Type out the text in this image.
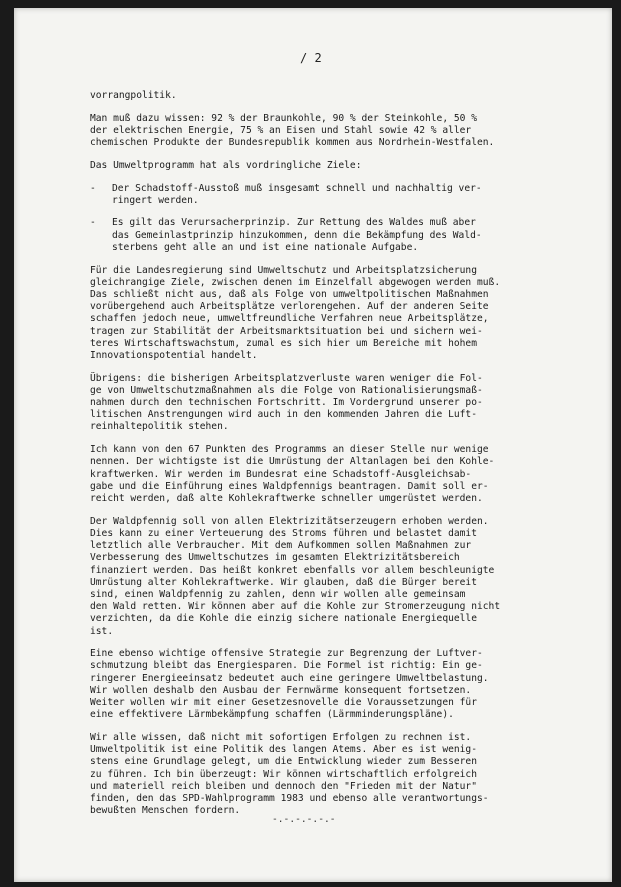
/ 2

vorrangpolitik.

Man muß dazu wissen: 92 % der Braunkohle, 90 % der Steinkohle, 50 %
der elektrischen Energie, 75 % an Eisen und Stahl sowie 42 % aller
chemischen Produkte der Bundesrepublik kommen aus Nordrhein-Westfalen.

Das Umweltprogramm hat als vordringliche Ziele:

-	Der Schadstoff-Ausstoß muß insgesamt schnell und nachhaltig ver-
ringert werden.
-	Es gilt das Verursacherprinzip. Zur Rettung des Waldes muß aber
das Gemeinlastprinzip hinzukommen, denn die Bekämpfung des Wald-
sterbens geht alle an und ist eine nationale Aufgabe.

Für die Landesregierung sind Umweltschutz und Arbeitsplatzsicherung
gleichrangige Ziele, zwischen denen im Einzelfall abgewogen werden muß.
Das schließt nicht aus, daß als Folge von umweltpolitischen Maßnahmen
vorübergehend auch Arbeitsplätze verlorengehen. Auf der anderen Seite
schaffen jedoch neue, umweltfreundliche Verfahren neue Arbeitsplätze,
tragen zur Stabilität der Arbeitsmarktsituation bei und sichern wei-
teres Wirtschaftswachstum, zumal es sich hier um Bereiche mit hohem
Innovationspotential handelt.

Übrigens: die bisherigen Arbeitsplatzverluste waren weniger die Fol-
ge von Umweltschutzmaßnahmen als die Folge von Rationalisierungsmaß-
nahmen durch den technischen Fortschritt. Im Vordergrund unserer po-
litischen Anstrengungen wird auch in den kommenden Jahren die Luft-
reinhaltepolitik stehen.

Ich kann von den 67 Punkten des Programms an dieser Stelle nur wenige
nennen. Der wichtigste ist die Umrüstung der Altanlagen bei den Kohle-
kraftwerken. Wir werden im Bundesrat eine Schadstoff-Ausgleichsab-
gabe und die Einführung eines Waldpfennigs beantragen. Damit soll er-
reicht werden, daß alte Kohlekraftwerke schneller umgerüstet werden.

Der Waldpfennig soll von allen Elektrizitätserzeugern erhoben werden.
Dies kann zu einer Verteuerung des Stroms führen und belastet damit
letztlich alle Verbraucher. Mit dem Aufkommen sollen Maßnahmen zur
Verbesserung des Umweltschutzes im gesamten Elektrizitätsbereich
finanziert werden. Das heißt konkret ebenfalls vor allem beschleunigte
Umrüstung alter Kohlekraftwerke. Wir glauben, daß die Bürger bereit
sind, einen Waldpfennig zu zahlen, denn wir wollen alle gemeinsam
den Wald retten. Wir können aber auf die Kohle zur Stromerzeugung nicht
verzichten, da die Kohle die einzig sichere nationale Energiequelle
ist.

Eine ebenso wichtige offensive Strategie zur Begrenzung der Luftver-
schmutzung bleibt das Energiesparen. Die Formel ist richtig: Ein ge-
ringerer Energieeinsatz bedeutet auch eine geringere Umweltbelastung.
Wir wollen deshalb den Ausbau der Fernwärme konsequent fortsetzen.
Weiter wollen wir mit einer Gesetzesnovelle die Voraussetzungen für
eine effektivere Lärmbekämpfung schaffen (Lärmminderungspläne).

Wir alle wissen, daß nicht mit sofortigen Erfolgen zu rechnen ist.
Umweltpolitik ist eine Politik des langen Atems. Aber es ist wenig-
stens eine Grundlage gelegt, um die Entwicklung wieder zum Besseren
zu führen. Ich bin überzeugt: Wir können wirtschaftlich erfolgreich
und materiell reich bleiben und dennoch den "Frieden mit der Natur"
finden, den das SPD-Wahlprogramm 1983 und ebenso alle verantwortungs-
bewußten Menschen fordern.

-.-.-.-.-.-
